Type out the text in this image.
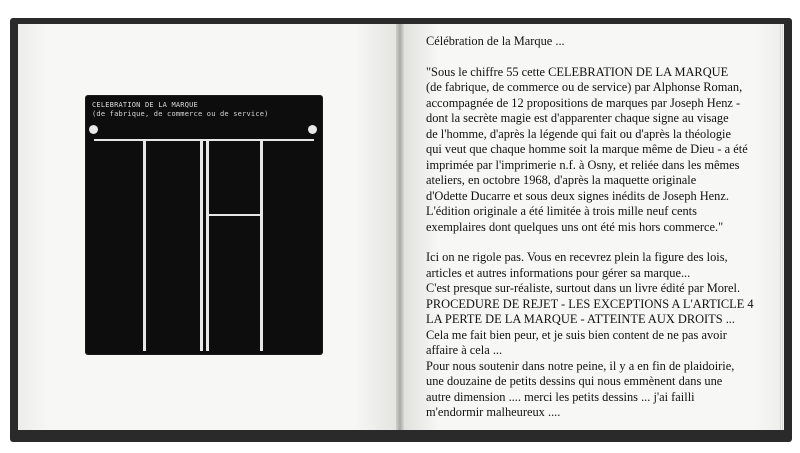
CELEBRATION DE LA MARQUE
(de fabrique, de commerce ou de service)

Célébration de la Marque ...

"Sous le chiffre 55 cette CELEBRATION DE LA MARQUE

(de fabrique, de commerce ou de service) par Alphonse Roman,

accompagnée de 12 propositions de marques par Joseph Henz -

dont la secrète magie est d'apparenter chaque signe au visage

de l'homme, d'après la légende qui fait ou d'après la théologie

qui veut que chaque homme soit la marque même de Dieu - a été

imprimée par l'imprimerie n.f. à Osny, et reliée dans les mêmes

ateliers, en octobre 1968, d'après la maquette originale

d'Odette Ducarre et sous deux signes inédits de Joseph Henz.

L'édition originale a été limitée à trois mille neuf cents

exemplaires dont quelques uns ont été mis hors commerce."

Ici on ne rigole pas. Vous en recevrez plein la figure des lois,

articles et autres informations pour gérer sa marque...

C'est presque sur-réaliste, surtout dans un livre édité par Morel.

PROCEDURE DE REJET - LES EXCEPTIONS A L'ARTICLE 4

LA PERTE DE LA MARQUE - ATTEINTE AUX DROITS ...

Cela me fait bien peur, et je suis bien content de ne pas avoir

affaire à cela ...

Pour nous soutenir dans notre peine, il y a en fin de plaidoirie,

une douzaine de petits dessins qui nous emmènent dans une

autre dimension .... merci les petits dessins ... j'ai failli

m'endormir malheureux ....
